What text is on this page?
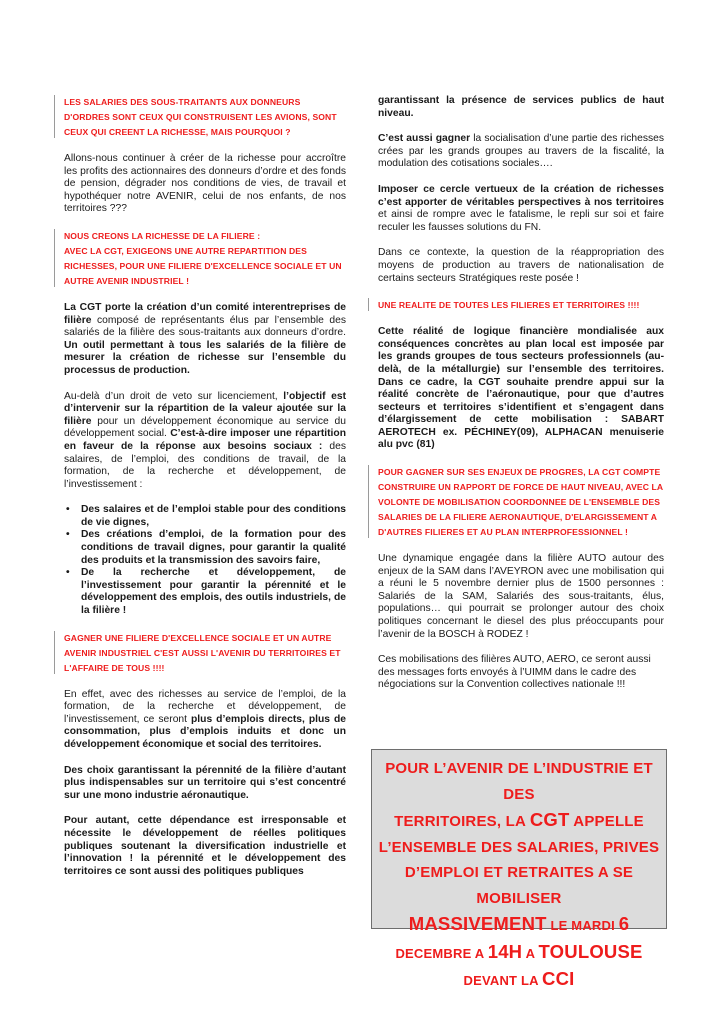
LES SALARIES DES SOUS-TRAITANTS AUX DONNEURS D'ORDRES SONT CEUX QUI CONSTRUISENT LES AVIONS, SONT CEUX QUI CREENT LA RICHESSE, MAIS POURQUOI ?

Allons-nous continuer à créer de la richesse pour accroître les profits des actionnaires des donneurs d’ordre et des fonds de pension, dégrader nos conditions de vies, de travail et hypothéquer notre AVENIR, celui de nos enfants, de nos territoires ???

NOUS CREONS LA RICHESSE DE LA FILIERE :
AVEC LA CGT, EXIGEONS UNE AUTRE REPARTITION DES RICHESSES, POUR UNE FILIERE D'EXCELLENCE SOCIALE ET UN AUTRE AVENIR INDUSTRIEL !

La CGT porte la création d’un comité interentreprises de filière composé de représentants élus par l’ensemble des salariés de la filière des sous-traitants aux donneurs d’ordre. Un outil permettant à tous les salariés de la filière de mesurer la création de richesse sur l’ensemble du processus de production.

Au-delà d’un droit de veto sur licenciement, l’objectif est d’intervenir sur la répartition de la valeur ajoutée sur la filière pour un développement économique au service du développement social. C’est-à-dire imposer une répartition en faveur de la réponse aux besoins sociaux : des salaires, de l’emploi, des conditions de travail, de la formation, de la recherche et développement, de l’investissement :

• Des salaires et de l’emploi stable pour des conditions de vie dignes,
• Des créations d’emploi, de la formation pour des conditions de travail dignes, pour garantir la qualité des produits et la transmission des savoirs faire,
• De la recherche et développement, de l’investissement pour garantir la pérennité et le développement des emplois, des outils industriels, de la filière !
GAGNER UNE FILIERE D'EXCELLENCE SOCIALE ET UN AUTRE AVENIR INDUSTRIEL C'EST AUSSI L'AVENIR DU TERRITOIRES ET L'AFFAIRE DE TOUS !!!!

En effet, avec des richesses au service de l’emploi, de la formation, de la recherche et développement, de l’investissement, ce seront plus d’emplois directs, plus de consommation, plus d’emplois induits et donc un développement économique et social des territoires.

Des choix garantissant la pérennité de la filière d’autant plus indispensables sur un territoire qui s’est concentré sur une mono industrie aéronautique.

Pour autant, cette dépendance est irresponsable et nécessite le développement de réelles politiques publiques soutenant la diversification industrielle et l’innovation ! la pérennité et le développement des territoires ce sont aussi des politiques publiques

garantissant la présence de services publics de haut niveau.

C’est aussi gagner la socialisation d’une partie des richesses crées par les grands groupes au travers de la fiscalité, la modulation des cotisations sociales….

Imposer ce cercle vertueux de la création de richesses c’est apporter de véritables perspectives à nos territoires et ainsi de rompre avec le fatalisme, le repli sur soi et faire reculer les fausses solutions du FN.

Dans ce contexte, la question de la réappropriation des moyens de production au travers de nationalisation de certains secteurs Stratégiques reste posée !

UNE REALITE DE TOUTES LES FILIERES ET TERRITOIRES !!!!

Cette réalité de logique financière mondialisée aux conséquences concrètes au plan local est imposée par les grands groupes de tous secteurs professionnels (au-delà, de la métallurgie) sur l’ensemble des territoires. Dans ce cadre, la CGT souhaite prendre appui sur la réalité concrète de l’aéronautique, pour que d’autres secteurs et territoires s’identifient et s’engagent dans d’élargissement de cette mobilisation : SABART AEROTECH ex. PÉCHINEY(09), ALPHACAN menuiserie alu pvc (81)

POUR GAGNER SUR SES ENJEUX DE PROGRES, LA CGT COMPTE CONSTRUIRE UN RAPPORT DE FORCE DE HAUT NIVEAU, AVEC LA VOLONTE DE MOBILISATION COORDONNEE DE L'ENSEMBLE DES SALARIES DE LA FILIERE AERONAUTIQUE, D'ELARGISSEMENT A D'AUTRES FILIERES ET AU PLAN INTERPROFESSIONNEL !

Une dynamique engagée dans la filière AUTO autour des enjeux de la SAM dans l’AVEYRON avec une mobilisation qui a réuni le 5 novembre dernier plus de 1500 personnes : Salariés de la SAM, Salariés des sous-traitants, élus, populations… qui pourrait se prolonger autour des choix politiques concernant le diesel des plus préoccupants pour l’avenir de la BOSCH à RODEZ !

Ces mobilisations des filières AUTO, AERO, ce seront aussi des messages forts envoyés à l’UIMM dans le cadre des négociations sur la Convention collectives nationale !!!

POUR L’AVENIR DE L’INDUSTRIE ET DES
TERRITOIRES, LA CGT APPELLE
L’ENSEMBLE DES SALARIES, PRIVES
D’EMPLOI ET RETRAITES A SE MOBILISER
MASSIVEMENT LE MARDI 6
DECEMBRE A 14H A TOULOUSE
DEVANT LA CCI
